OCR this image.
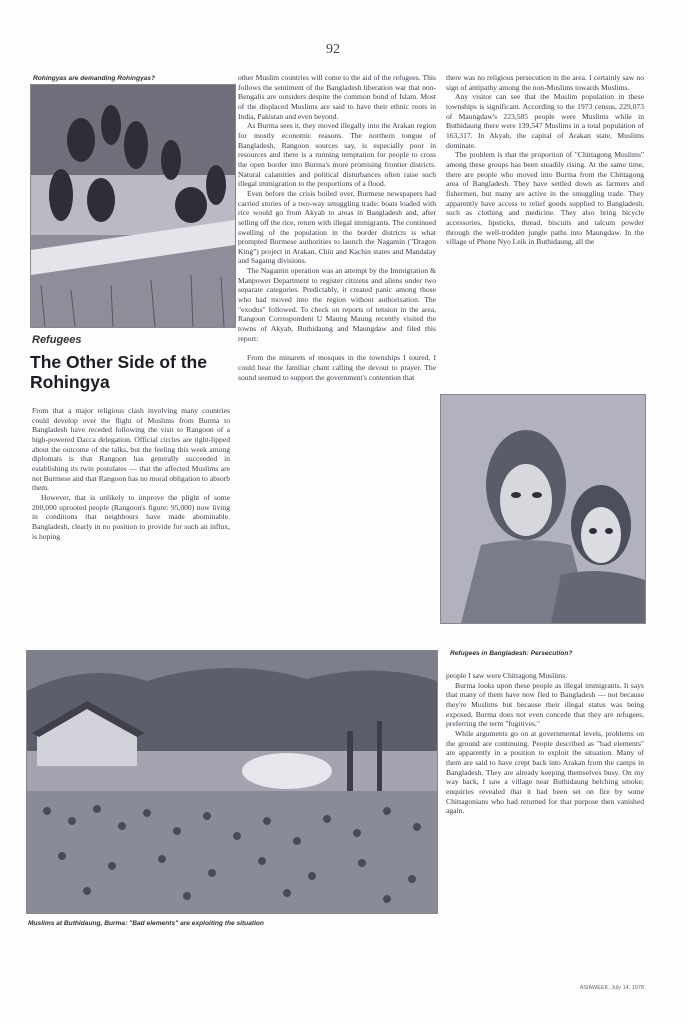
92
Rohingyas are demanding Rohingyas?
Refugees
The Other Side of the Rohingya

From that a major religious clash involving many countries could develop over the flight of Muslims from Burma to Bangladesh have receded following the visit to Rangoon of a high-powered Dacca delegation. Official circles are tight-lipped about the outcome of the talks, but the feeling this week among diplomats is that Rangoon has generally succeeded in establishing its twin postulates — that the affected Muslims are not Burmese and that Rangoon has no moral obligation to absorb them.

However, that is unlikely to improve the plight of some 200,000 uprooted people (Rangoon's figure: 95,000) now living in conditions that neighbours have made abominable. Bangladesh, clearly in no position to provide for such an influx, is hoping

other Muslim countries will come to the aid of the refugees. This follows the sentiment of the Bangladesh liberation war that non-Bengalis are outsiders despite the common bond of Islam. Most of the displaced Muslims are said to have their ethnic roots in India, Pakistan and even beyond.

As Burma sees it, they moved illegally into the Arakan region for mostly economic reasons. The northern tongue of Bangladesh, Rangoon sources say, is especially poor in resources and there is a running temptation for people to cross the open border into Burma's more promising frontier districts. Natural calamities and political disturbances often raise such illegal immigration to the proportions of a flood.

Even before the crisis boiled over, Burmese newspapers had carried stories of a two-way smuggling trade: boats loaded with rice would go from Akyab to areas in Bangladesh and, after selling off the rice, return with illegal immigrants. The continued swelling of the population in the border districts is what prompted Burmese authorities to launch the Nagamin ("Dragon King") project in Arakan, Chin and Kachin states and Mandalay and Sagaing divisions.

The Nagamin operation was an attempt by the Immigration & Manpower Department to register citizens and aliens under two separate categories. Predictably, it created panic among those who had moved into the region without authorisation. The "exodus" followed. To check on reports of tension in the area, Rangoon Correspondent U Maung Maung recently visited the towns of Akyab, Buthidaung and Maungdaw and filed this report:

From the minarets of mosques in the townships I toured, I could hear the familiar chant calling the devout to prayer. The sound seemed to support the government's contention that

there was no religious persecution in the area. I certainly saw no sign of antipathy among the non-Muslims towards Muslims.

Any visitor can see that the Muslim population in these townships is significant. According to the 1973 census, 229,073 of Maungdaw's 223,585 people were Muslims while in Buthidaung there were 139,547 Muslims in a total population of 163,317. In Akyab, the capital of Arakan state, Muslims dominate.

The problem is that the proportion of "Chittagong Muslims" among these groups has been steadily rising. At the same time, there are people who moved into Burma from the Chittagong area of Bangladesh. They have settled down as farmers and fishermen, but many are active in the smuggling trade. They apparently have access to relief goods supplied to Bangladesh, such as clothing and medicine. They also bring bicycle accessories, lipsticks, thread, biscuits and talcum powder through the well-trodden jungle paths into Maungdaw. In the village of Phone Nyo Leik in Buthidaung, all the

Refugees in Bangladesh: Persecution?

people I saw were Chittagong Muslims.

Burma looks upon these people as illegal immigrants. It says that many of them have now fled to Bangladesh — not because they're Muslims but because their illegal status was being exposed. Burma does not even concede that they are refugees, preferring the term "fugitives."

While arguments go on at governmental levels, problems on the ground are continuing. People described as "bad elements" are apparently in a position to exploit the situation. Many of them are said to have crept back into Arakan from the camps in Bangladesh. They are already keeping themselves busy. On my way back, I saw a village near Buthidaung belching smoke; enquiries revealed that it had been set on fire by some Chittagonians who had returned for that purpose then vanished again.

Muslims at Buthidaung, Burma: "Bad elements" are exploiting the situation
ASIAWEEK, July 14, 1978
